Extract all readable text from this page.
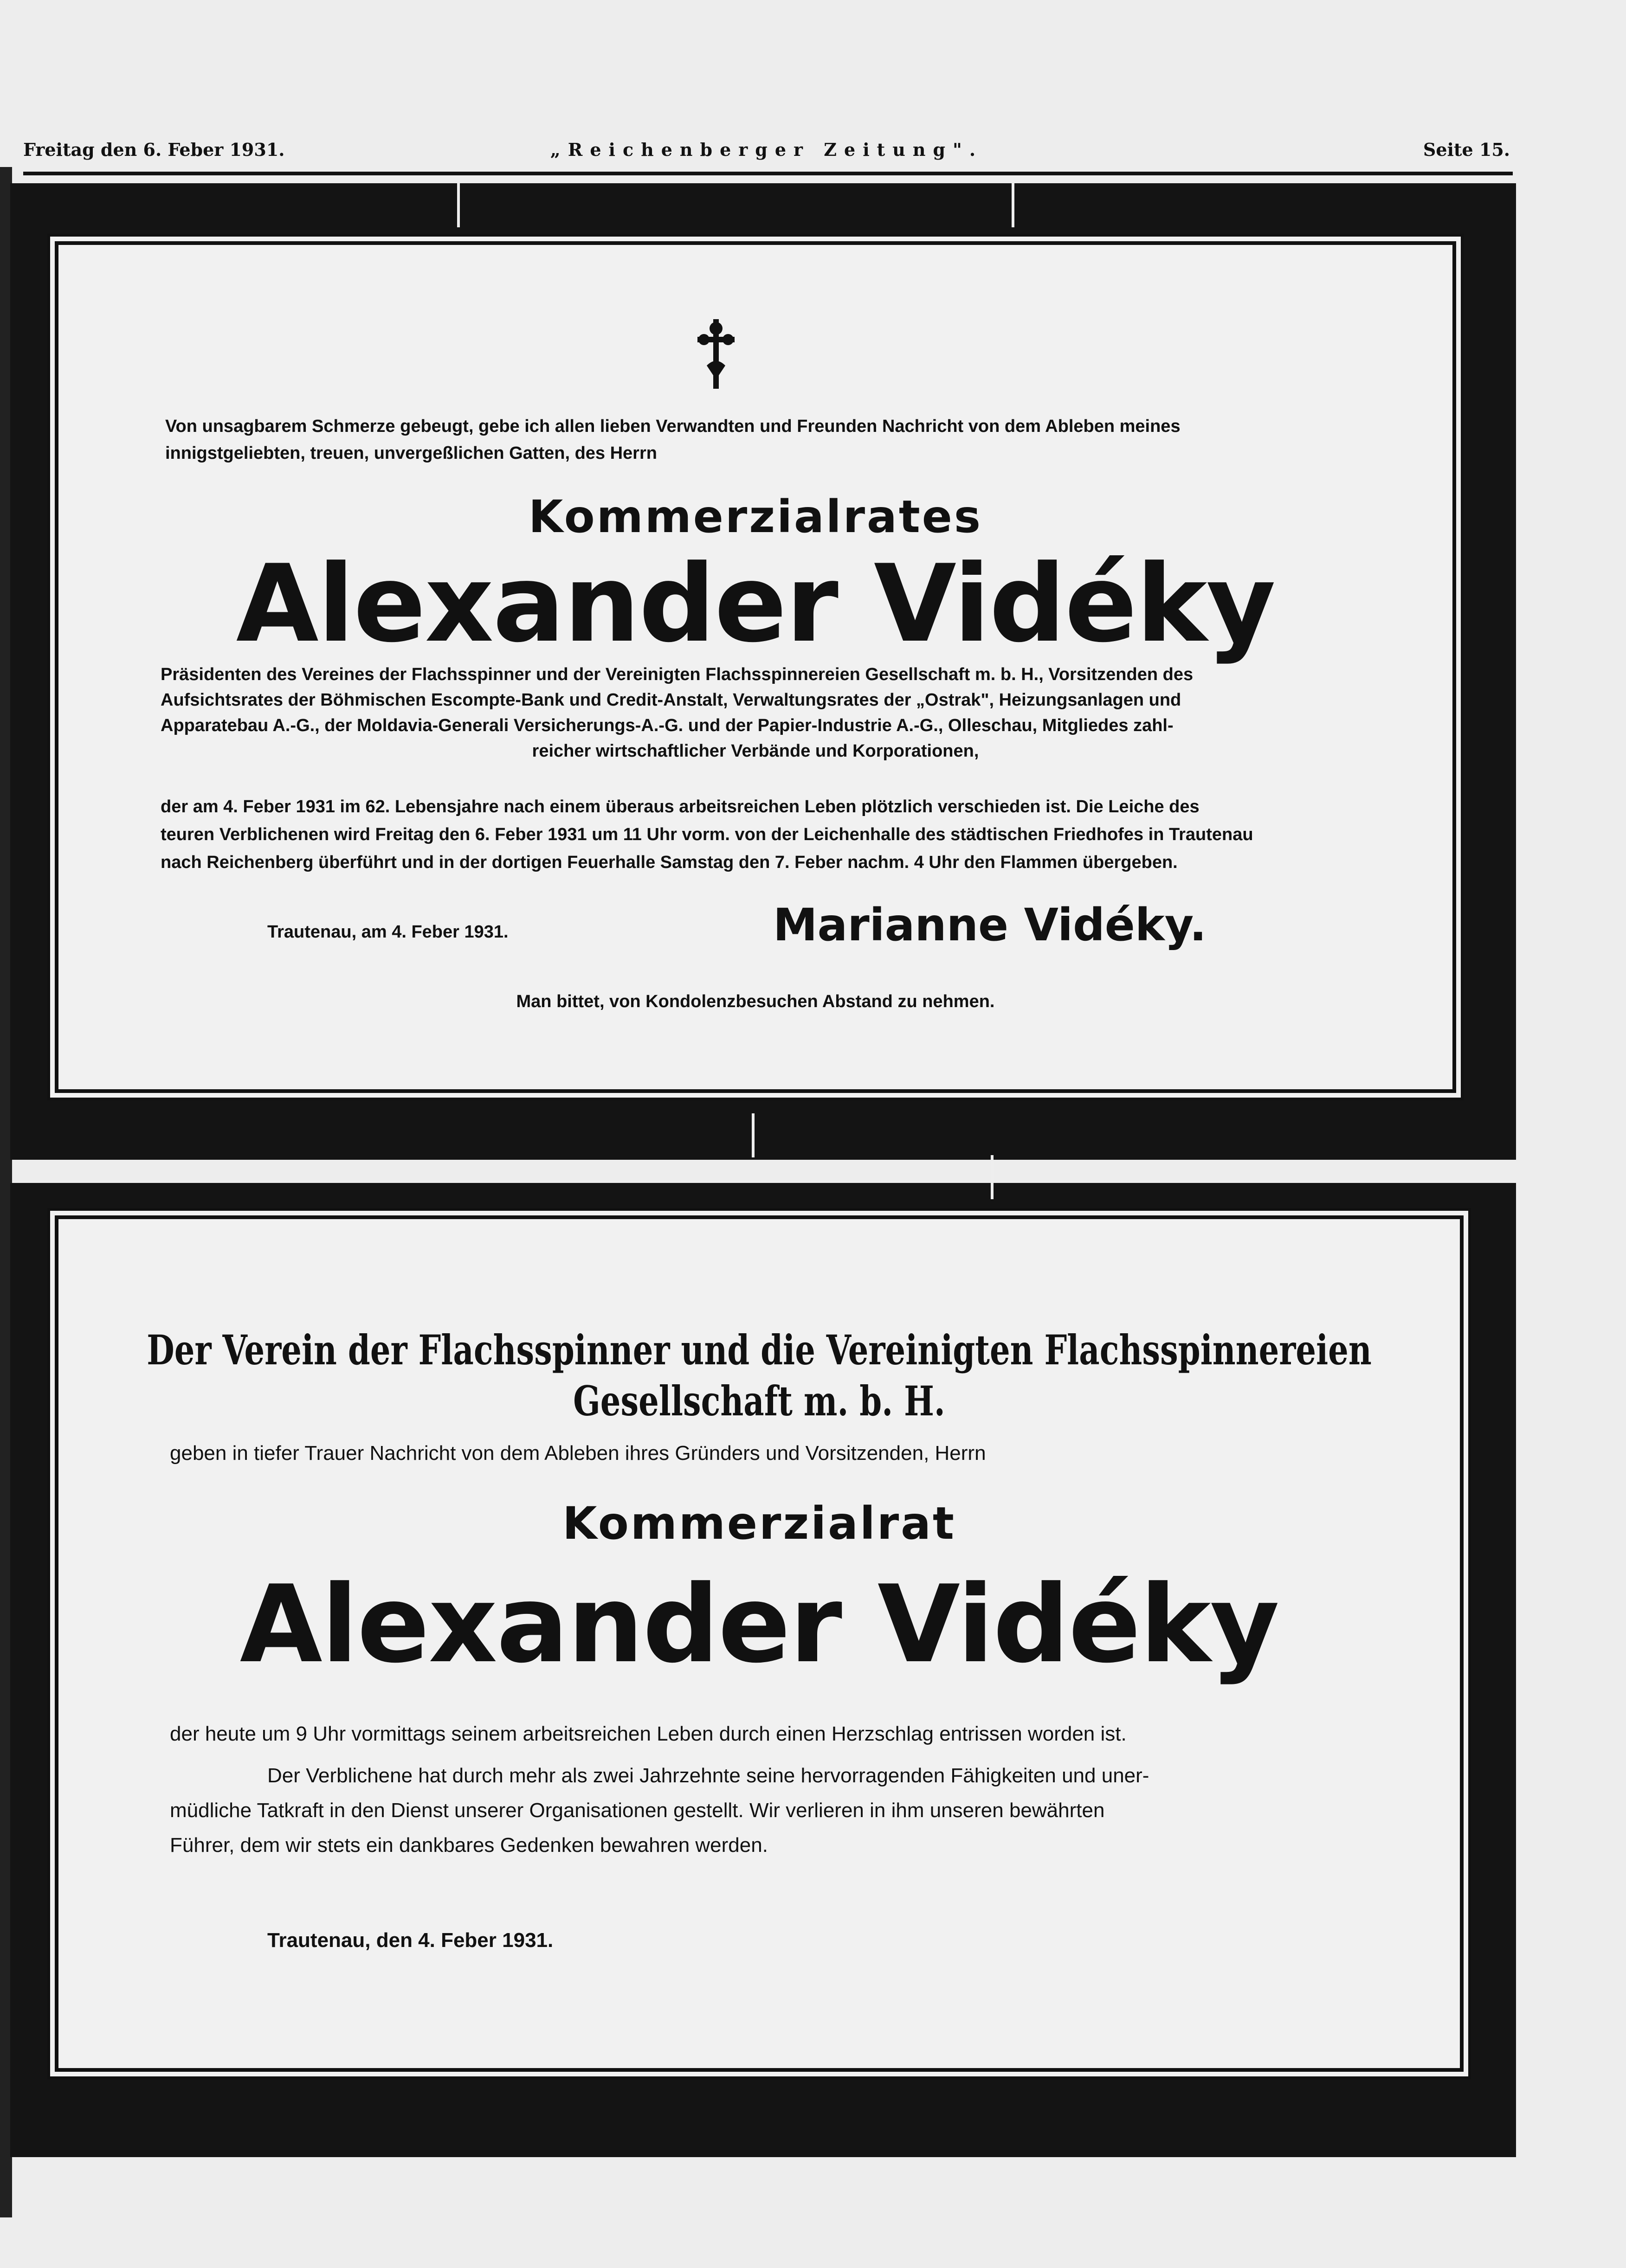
Freitag den 6. Feber 1931.	„Reichenberger Zeitung".	Seite 15.
Von unsagbarem Schmerze gebeugt, gebe ich allen lieben Verwandten und Freunden Nachricht von dem Ableben meines
innigstgeliebten, treuen, unvergeßlichen Gatten, des Herrn
Kommerzialrates
Alexander Vidéky
Präsidenten des Vereines der Flachsspinner und der Vereinigten Flachsspinnereien Gesellschaft m. b. H., Vorsitzenden des
Aufsichtsrates der Böhmischen Escompte-Bank und Credit-Anstalt, Verwaltungsrates der „Ostrak", Heizungsanlagen und
Apparatebau A.-G., der Moldavia-Generali Versicherungs-A.-G. und der Papier-Industrie A.-G., Olleschau, Mitgliedes zahl-
reicher wirtschaftlicher Verbände und Korporationen,
der am 4. Feber 1931 im 62. Lebensjahre nach einem überaus arbeitsreichen Leben plötzlich verschieden ist. Die Leiche des
teuren Verblichenen wird Freitag den 6. Feber 1931 um 11 Uhr vorm. von der Leichenhalle des städtischen Friedhofes in Trautenau
nach Reichenberg überführt und in der dortigen Feuerhalle Samstag den 7. Feber nachm. 4 Uhr den Flammen übergeben.
Trautenau, am 4. Feber 1931.	Marianne Vidéky.
Man bittet, von Kondolenzbesuchen Abstand zu nehmen.
Der Verein der Flachsspinner und die Vereinigten Flachsspinnereien
Gesellschaft m. b. H.
geben in tiefer Trauer Nachricht von dem Ableben ihres Gründers und Vorsitzenden, Herrn
Kommerzialrat
Alexander Vidéky
der heute um 9 Uhr vormittags seinem arbeitsreichen Leben durch einen Herzschlag entrissen worden ist.
Der Verblichene hat durch mehr als zwei Jahrzehnte seine hervorragenden Fähigkeiten und uner-
müdliche Tatkraft in den Dienst unserer Organisationen gestellt. Wir verlieren in ihm unseren bewährten
Führer, dem wir stets ein dankbares Gedenken bewahren werden.
Trautenau, den 4. Feber 1931.
